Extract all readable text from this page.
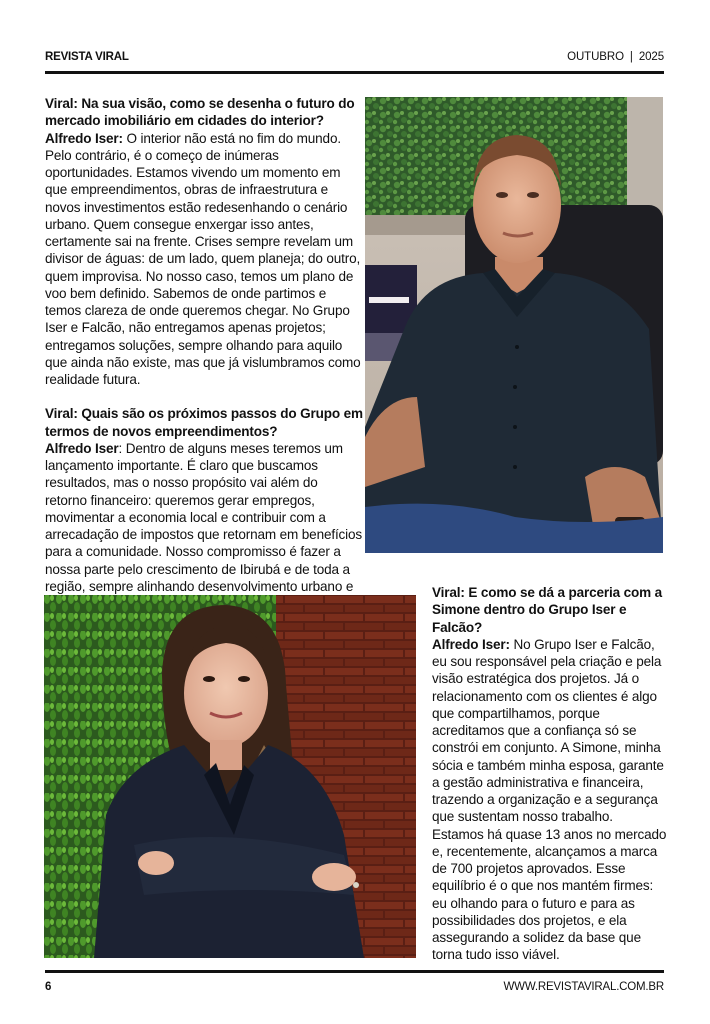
REVISTA VIRAL	OUTUBRO | 2025

Viral: Na sua visão, como se desenha o futuro do mercado imobiliário em cidades do interior?

Alfredo Iser: O interior não está no fim do mundo. Pelo contrário, é o começo de inúmeras oportunidades. Estamos vivendo um momento em que empreendimentos, obras de infraestrutura e novos investimentos estão redesenhando o cenário urbano. Quem consegue enxergar isso antes, certamente sai na frente. Crises sempre revelam um divisor de águas: de um lado, quem planeja; do outro, quem improvisa. No nosso caso, temos um plano de voo bem definido. Sabemos de onde partimos e temos clareza de onde queremos chegar. No Grupo Iser e Falcão, não entregamos apenas projetos; entregamos soluções, sempre olhando para aquilo que ainda não existe, mas que já vislumbramos como realidade futura.

Viral: Quais são os próximos passos do Grupo em termos de novos empreendimentos?

Alfredo Iser: Dentro de alguns meses teremos um lançamento importante. É claro que buscamos resultados, mas o nosso propósito vai além do retorno financeiro: queremos gerar empregos, movimentar a economia local e contribuir com a arrecadação de impostos que retornam em benefícios para a comunidade. Nosso compromisso é fazer a nossa parte pelo crescimento de Ibirubá e de toda a região, sempre alinhando desenvolvimento urbano e	Viral: E como se dá a parceria com a Simone dentro do Grupo Iser e Falcão?

Alfredo Iser: No Grupo Iser e Falcão, eu sou responsável pela criação e pela visão estratégica dos projetos. Já o relacionamento com os clientes é algo que compartilhamos, porque acreditamos que a confiança só se constrói em conjunto. A Simone, minha sócia e também minha esposa, garante a gestão administrativa e financeira, trazendo a organização e a segurança que sustentam nosso trabalho. Estamos há quase 13 anos no mercado e, recentemente, alcançamos a marca de 700 projetos aprovados. Esse equilíbrio é o que nos mantém firmes: eu olhando para o futuro e para as possibilidades dos projetos, e ela assegurando a solidez da base que torna tudo isso viável.

6	WWW.REVISTAVIRAL.COM.BR
